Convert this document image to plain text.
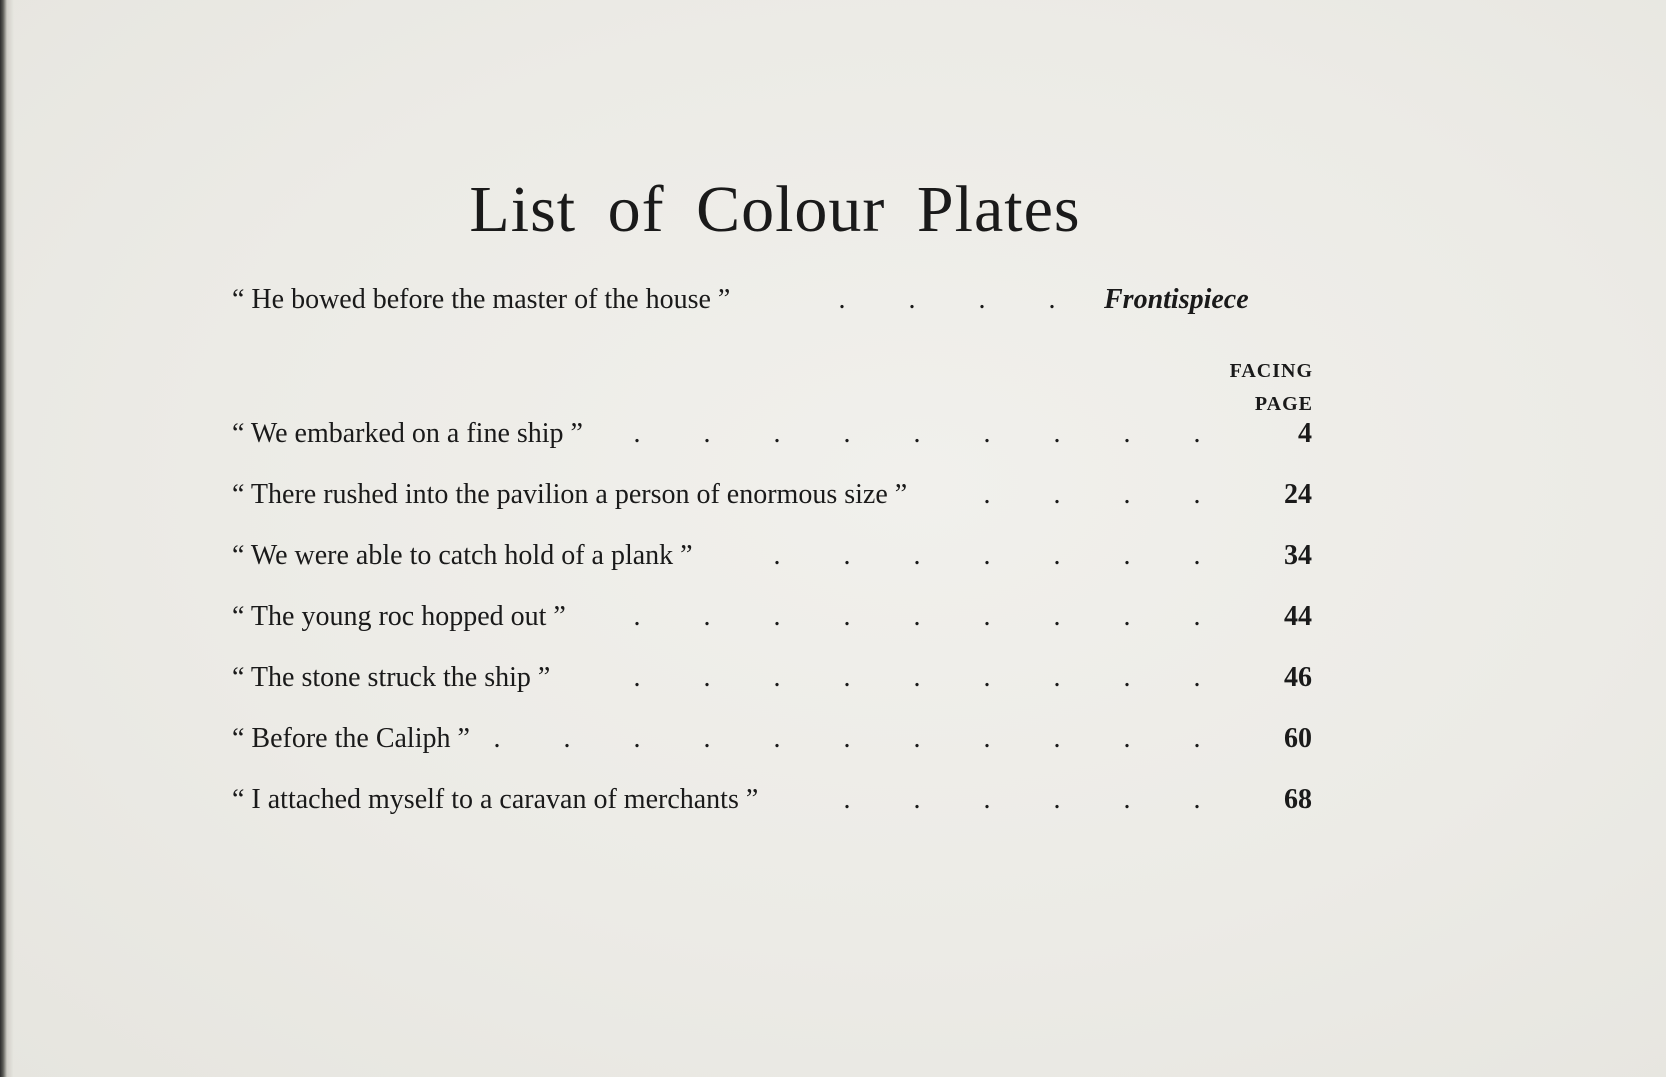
List of Colour Plates
“ He bowed before the master of the house ”	. . . .	Frontispiece
FACING
PAGE
“ We embarked on a fine ship ”	.........	4
“ There rushed into the pavilion a person of enormous size ”	....	24
“ We were able to catch hold of a plank ”	.......	34
“ The young roc hopped out ”	.........	44
“ The stone struck the ship ”	.........	46
“ Before the Caliph ”	...........	60
“ I attached myself to a caravan of merchants ”	......	68
